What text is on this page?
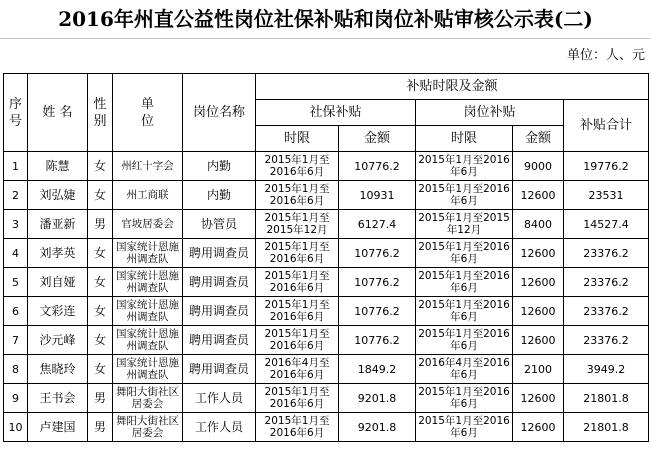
2016年州直公益性岗位社保补贴和岗位补贴审核公示表(二)
单位：人、元
序号	姓 名	性别	单位	岗位名称	补贴时限及金额				
					社保补贴		岗位补贴		补贴合计
					时限	金额	时限	金额	
1	陈慧	女	州红十字会	内勤	2015年1月至2016年6月	10776.2	2015年1月至2016年6月	9000	19776.2
2	刘弘婕	女	州工商联	内勤	2015年1月至2016年6月	10931	2015年1月至2016年6月	12600	23531
3	潘亚新	男	官坡居委会	协管员	2015年1月至2015年12月	6127.4	2015年1月至2015年12月	8400	14527.4
4	刘孝英	女	国家统计恩施州调查队	聘用调查员	2015年1月至2016年6月	10776.2	2015年1月至2016年6月	12600	23376.2
5	刘自娅	女	国家统计恩施州调查队	聘用调查员	2015年1月至2016年6月	10776.2	2015年1月至2016年6月	12600	23376.2
6	文彩连	女	国家统计恩施州调查队	聘用调查员	2015年1月至2016年6月	10776.2	2015年1月至2016年6月	12600	23376.2
7	沙元峰	女	国家统计恩施州调查队	聘用调查员	2015年1月至2016年6月	10776.2	2015年1月至2016年6月	12600	23376.2
8	焦晓玲	女	国家统计恩施州调查队	聘用调查员	2016年4月至2016年6月	1849.2	2016年4月至2016年6月	2100	3949.2
9	王书会	男	舞阳大街社区居委会	工作人员	2015年1月至2016年6月	9201.8	2015年1月至2016年6月	12600	21801.8
10	卢建国	男	舞阳大街社区居委会	工作人员	2015年1月至2016年6月	9201.8	2015年1月至2016年6月	12600	21801.8
